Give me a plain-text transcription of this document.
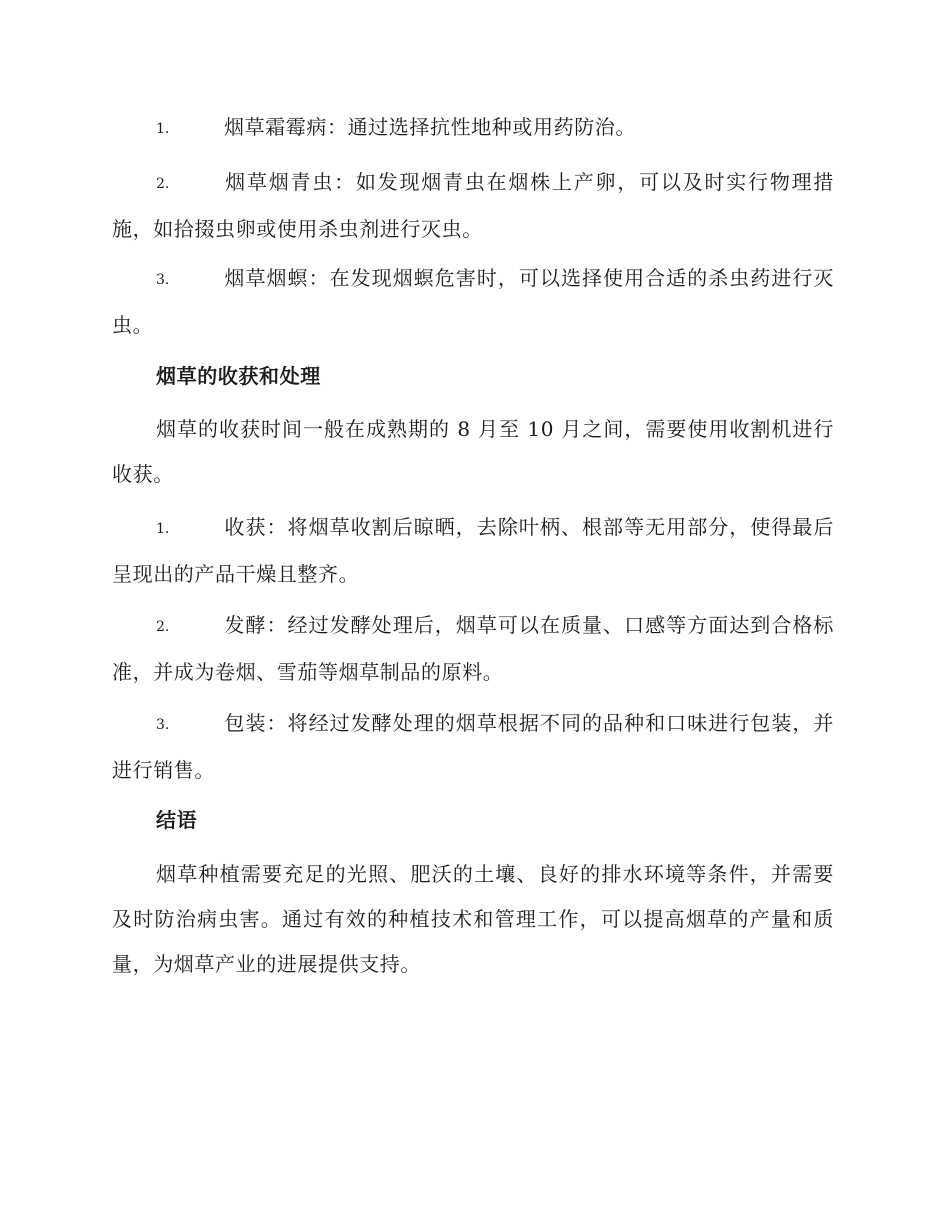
1.	烟草霜霉病：通过选择抗性地种或用药防治。
2.	烟草烟青虫：如发现烟青虫在烟株上产卵，可以及时实行物理措施，如拾掇虫卵或使用杀虫剂进行灭虫。
3.	烟草烟螟：在发现烟螟危害时，可以选择使用合适的杀虫药进行灭虫。
烟草的收获和处理
烟草的收获时间一般在成熟期的 8 月至 10 月之间，需要使用收割机进行收获。
1.	收获：将烟草收割后晾晒，去除叶柄、根部等无用部分，使得最后呈现出的产品干燥且整齐。
2.	发酵：经过发酵处理后，烟草可以在质量、口感等方面达到合格标准，并成为卷烟、雪茄等烟草制品的原料。
3.	包装：将经过发酵处理的烟草根据不同的品种和口味进行包装，并进行销售。
结语
烟草种植需要充足的光照、肥沃的土壤、良好的排水环境等条件，并需要及时防治病虫害。通过有效的种植技术和管理工作，可以提高烟草的产量和质量，为烟草产业的进展提供支持。
